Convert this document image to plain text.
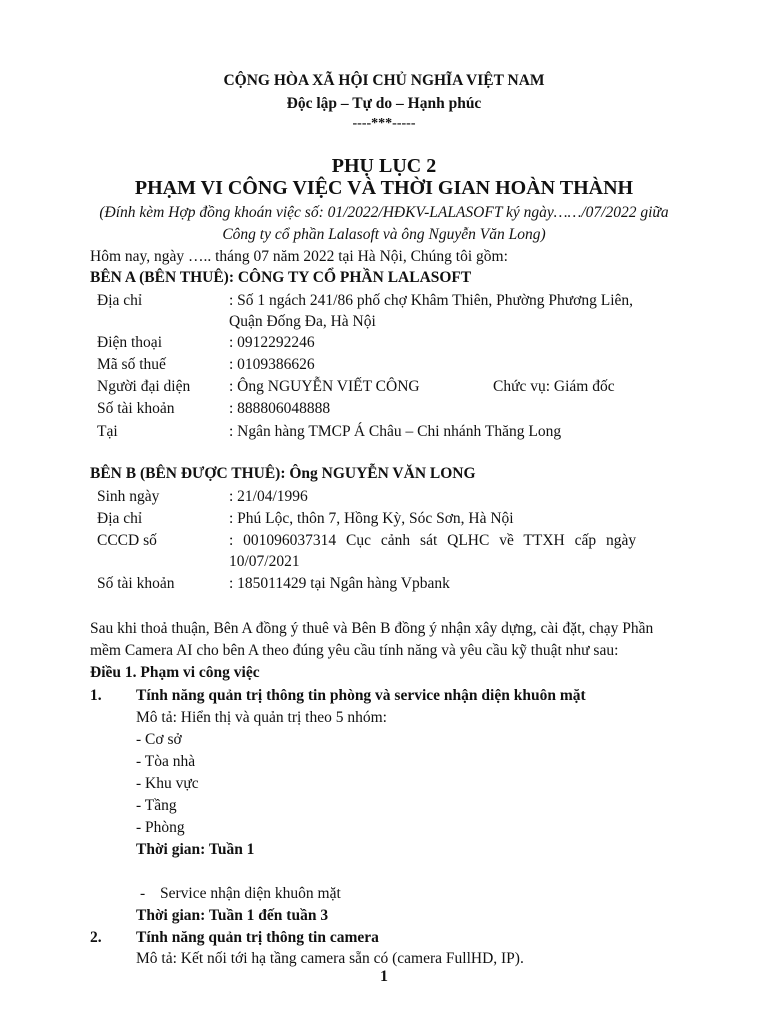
CỘNG HÒA XÃ HỘI CHỦ NGHĨA VIỆT NAM
Độc lập – Tự do – Hạnh phúc
----***-----
PHỤ LỤC 2
PHẠM VI CÔNG VIỆC VÀ THỜI GIAN HOÀN THÀNH
(Đính kèm Hợp đồng khoán việc số: 01/2022/HĐKV-LALASOFT ký ngày……/07/2022 giữa
Công ty cổ phần Lalasoft và ông Nguyễn Văn Long)
Hôm nay, ngày ….. tháng 07 năm 2022 tại Hà Nội, Chúng tôi gồm:
BÊN A (BÊN THUÊ): CÔNG TY CỔ PHẦN LALASOFT
Địa chỉ	: Số 1 ngách 241/86 phố chợ Khâm Thiên, Phường Phương Liên,
Quận Đống Đa, Hà Nội
Điện thoại	: 0912292246
Mã số thuế	: 0109386626
Người đại diện	: Ông NGUYỄN VIẾT CÔNG	Chức vụ: Giám đốc
Số tài khoản	: 888806048888
Tại	: Ngân hàng TMCP Á Châu – Chi nhánh Thăng Long
BÊN B (BÊN ĐƯỢC THUÊ): Ông NGUYỄN VĂN LONG
Sinh ngày	: 21/04/1996
Địa chỉ	: Phú Lộc, thôn 7, Hồng Kỳ, Sóc Sơn, Hà Nội
CCCD số	: 001096037314 Cục cảnh sát QLHC về TTXH cấp ngày
10/07/2021
Số tài khoản	: 185011429 tại Ngân hàng Vpbank
Sau khi thoả thuận, Bên A đồng ý thuê và Bên B đồng ý nhận xây dựng, cài đặt, chạy Phần
mềm Camera AI cho bên A theo đúng yêu cầu tính năng và yêu cầu kỹ thuật như sau:
Điều 1. Phạm vi công việc
1. Tính năng quản trị thông tin phòng và service nhận diện khuôn mặt
Mô tả: Hiển thị và quản trị theo 5 nhóm:
- Cơ sở
- Tòa nhà
- Khu vực
- Tầng
- Phòng
Thời gian: Tuần 1
- Service nhận diện khuôn mặt
Thời gian: Tuần 1 đến tuần 3
2. Tính năng quản trị thông tin camera
Mô tả: Kết nối tới hạ tầng camera sẵn có (camera FullHD, IP).
1
